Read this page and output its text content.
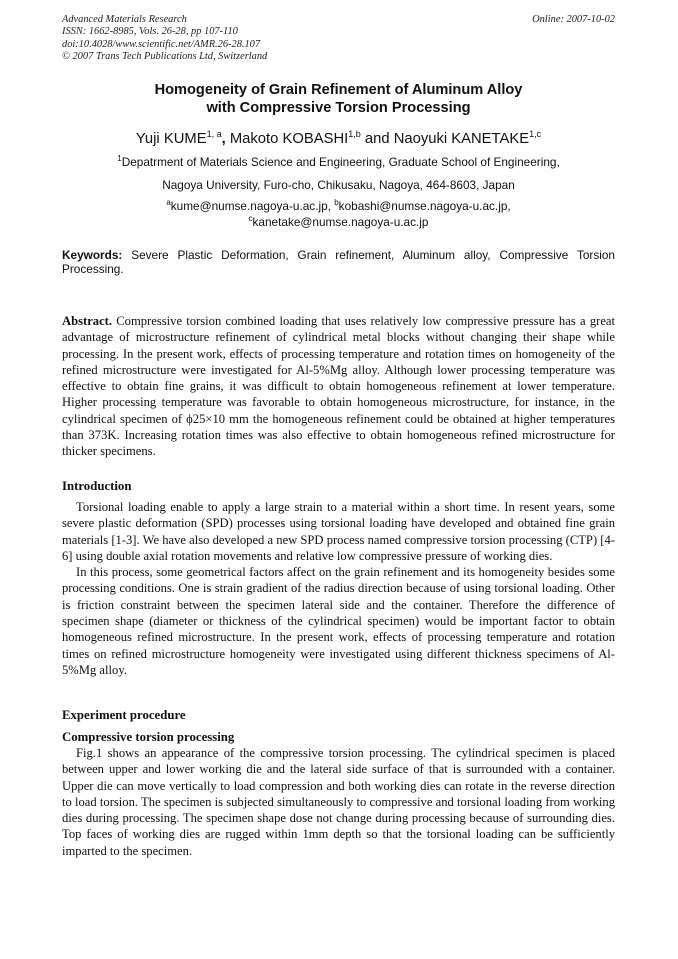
Advanced Materials Research
ISSN: 1662-8985, Vols. 26-28, pp 107-110
doi:10.4028/www.scientific.net/AMR.26-28.107
© 2007 Trans Tech Publications Ltd, Switzerland
Online: 2007-10-02
Homogeneity of Grain Refinement of Aluminum Alloy
with Compressive Torsion Processing
Yuji KUME$^{1, a}$, Makoto KOBASHI$^{1,b}$ and Naoyuki KANETAKE$^{1,c}$
$^1$Depatrment of Materials Science and Engineering, Graduate School of Engineering,
Nagoya University, Furo-cho, Chikusaku, Nagoya, 464-8603, Japan
$^a$kume@numse.nagoya-u.ac.jp, $^b$kobashi@numse.nagoya-u.ac.jp,
$^c$kanetake@numse.nagoya-u.ac.jp
Keywords: Severe Plastic Deformation, Grain refinement, Aluminum alloy, Compressive Torsion Processing.
Abstract. Compressive torsion combined loading that uses relatively low compressive pressure has a great advantage of microstructure refinement of cylindrical metal blocks without changing their shape while processing. In the present work, effects of processing temperature and rotation times on homogeneity of the refined microstructure were investigated for Al-5%Mg alloy. Although lower processing temperature was effective to obtain fine grains, it was difficult to obtain homogeneous refinement at lower temperature. Higher processing temperature was favorable to obtain homogeneous microstructure, for instance, in the cylindrical specimen of ϕ25×10 mm the homogeneous refinement could be obtained at higher temperatures than 373K. Increasing rotation times was also effective to obtain homogeneous refined microstructure for thicker specimens.
Introduction
Torsional loading enable to apply a large strain to a material within a short time. In resent years, some severe plastic deformation (SPD) processes using torsional loading have developed and obtained fine grain materials [1-3]. We have also developed a new SPD process named compressive torsion processing (CTP) [4-6] using double axial rotation movements and relative low compressive pressure of working dies.
In this process, some geometrical factors affect on the grain refinement and its homogeneity besides some processing conditions. One is strain gradient of the radius direction because of using torsional loading. Other is friction constraint between the specimen lateral side and the container. Therefore the difference of specimen shape (diameter or thickness of the cylindrical specimen) would be important factor to obtain homogeneous refined microstructure. In the present work, effects of processing temperature and rotation times on refined microstructure homogeneity were investigated using different thickness specimens of Al-5%Mg alloy.
Experiment procedure
Compressive torsion processing
Fig.1 shows an appearance of the compressive torsion processing. The cylindrical specimen is placed between upper and lower working die and the lateral side surface of that is surrounded with a container. Upper die can move vertically to load compression and both working dies can rotate in the reverse direction to load torsion. The specimen is subjected simultaneously to compressive and torsional loading from working dies during processing. The specimen shape dose not change during processing because of surrounding dies. Top faces of working dies are rugged within 1mm depth so that the torsional loading can be sufficiently imparted to the specimen.
